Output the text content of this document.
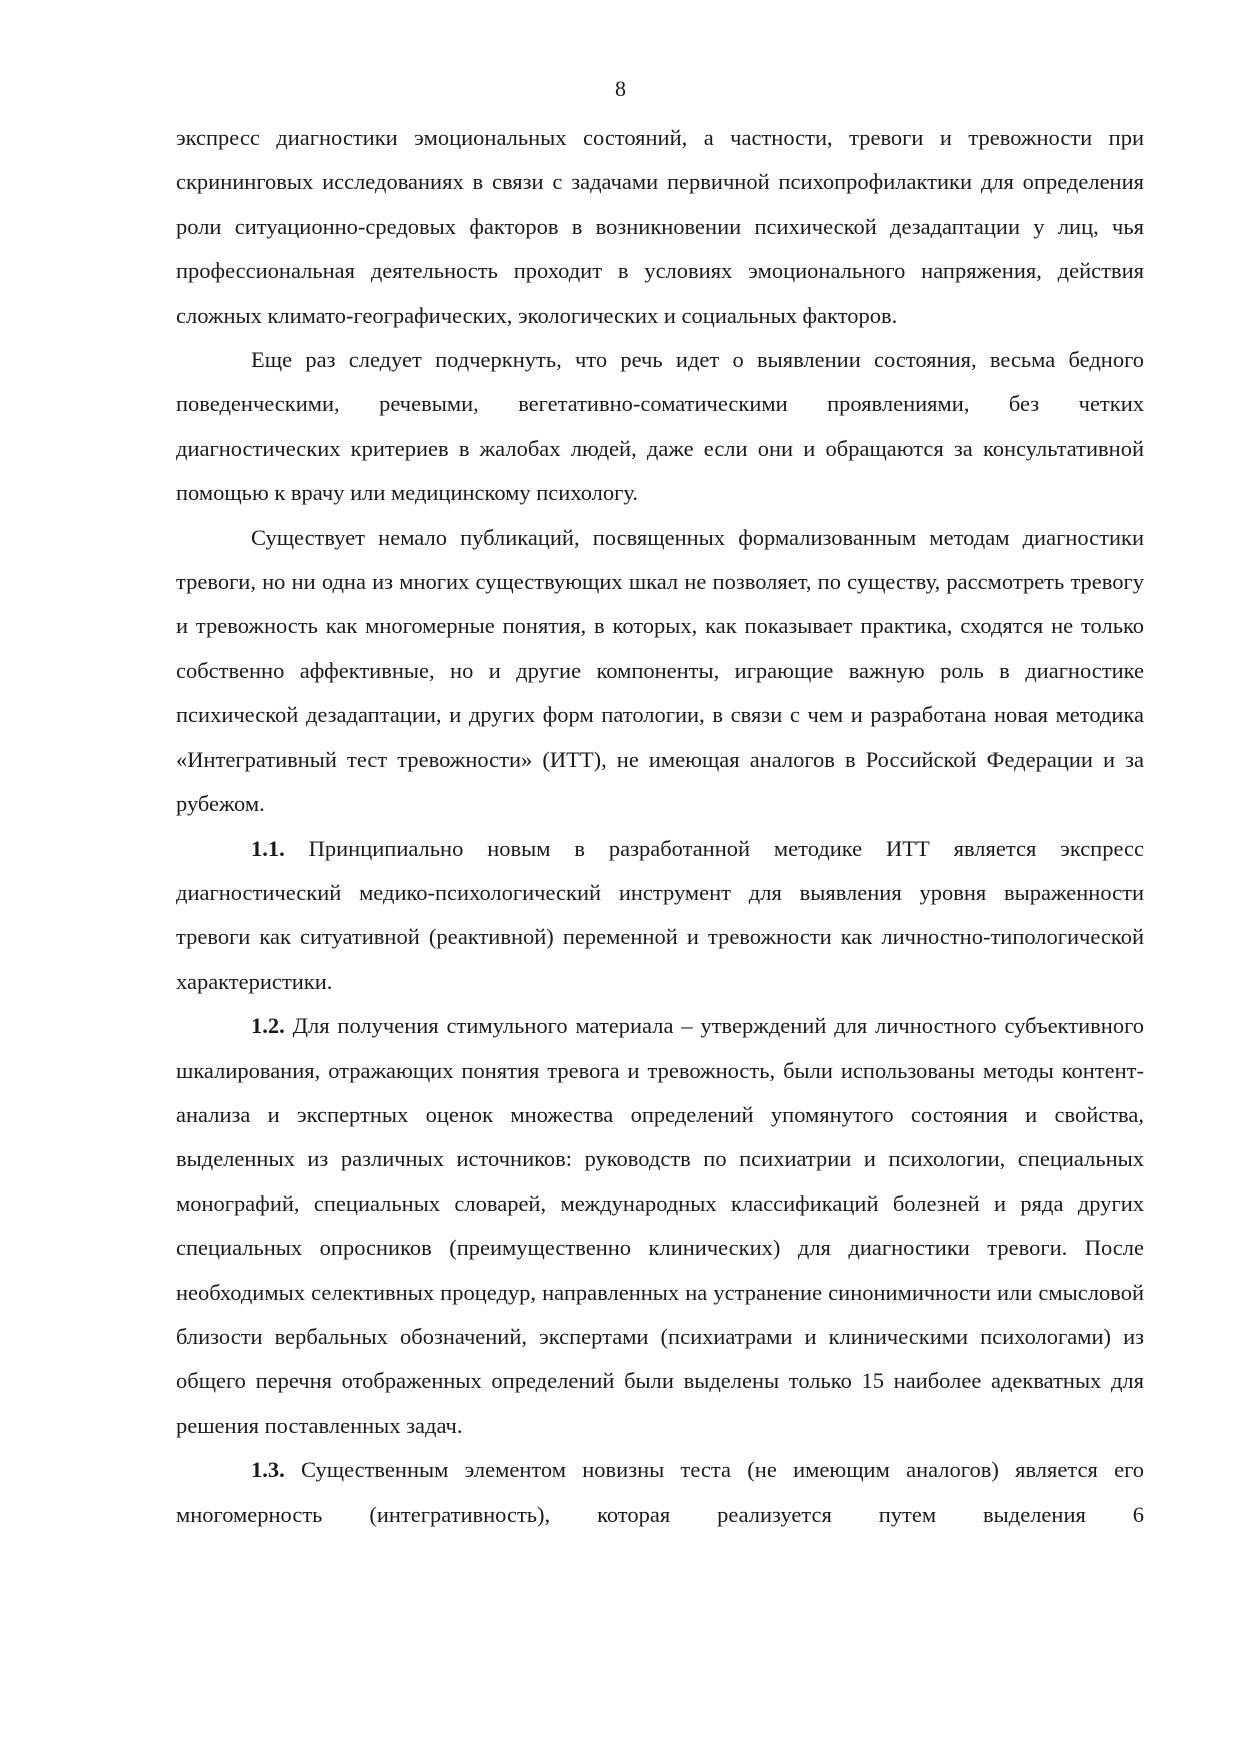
8

экспресс диагностики эмоциональных состояний, а частности, тревоги и тревожности при скрининговых исследованиях в связи с задачами первичной психопрофилактики для определения роли ситуационно-средовых факторов в возникновении психической дезадаптации у лиц, чья профессиональная деятельность проходит в условиях эмоционального напряжения, действия сложных климато-географических, экологических и социальных факторов.

Еще раз следует подчеркнуть, что речь идет о выявлении состояния, весьма бедного поведенческими, речевыми, вегетативно-соматическими проявлениями, без четких диагностических критериев в жалобах людей, даже если они и обращаются за консультативной помощью к врачу или медицинскому психологу.

Существует немало публикаций, посвященных формализованным методам диагностики тревоги, но ни одна из многих существующих шкал не позволяет, по существу, рассмотреть тревогу и тревожность как многомерные понятия, в которых, как показывает практика, сходятся не только собственно аффективные, но и другие компоненты, играющие важную роль в диагностике психической дезадаптации, и других форм патологии, в связи с чем и разработана новая методика «Интегративный тест тревожности» (ИТТ), не имеющая аналогов в Российской Федерации и за рубежом.

1.1. Принципиально новым в разработанной методике ИТТ является экспресс диагностический медико-психологический инструмент для выявления уровня выраженности тревоги как ситуативной (реактивной) переменной и тревожности как личностно-типологической характеристики.

1.2. Для получения стимульного материала – утверждений для личностного субъективного шкалирования, отражающих понятия тревога и тревожность, были использованы методы контент-анализа и экспертных оценок множества определений упомянутого состояния и свойства, выделенных из различных источников: руководств по психиатрии и психологии, специальных монографий, специальных словарей, международных классификаций болезней и ряда других специальных опросников (преимущественно клинических) для диагностики тревоги. После необходимых селективных процедур, направленных на устранение синонимичности или смысловой близости вербальных обозначений, экспертами (психиатрами и клиническими психологами) из общего перечня отображенных определений были выделены только 15 наиболее адекватных для решения поставленных задач.

1.3. Существенным элементом новизны теста (не имеющим аналогов) является его многомерность (интегративность), которая реализуется путем выделения 6
